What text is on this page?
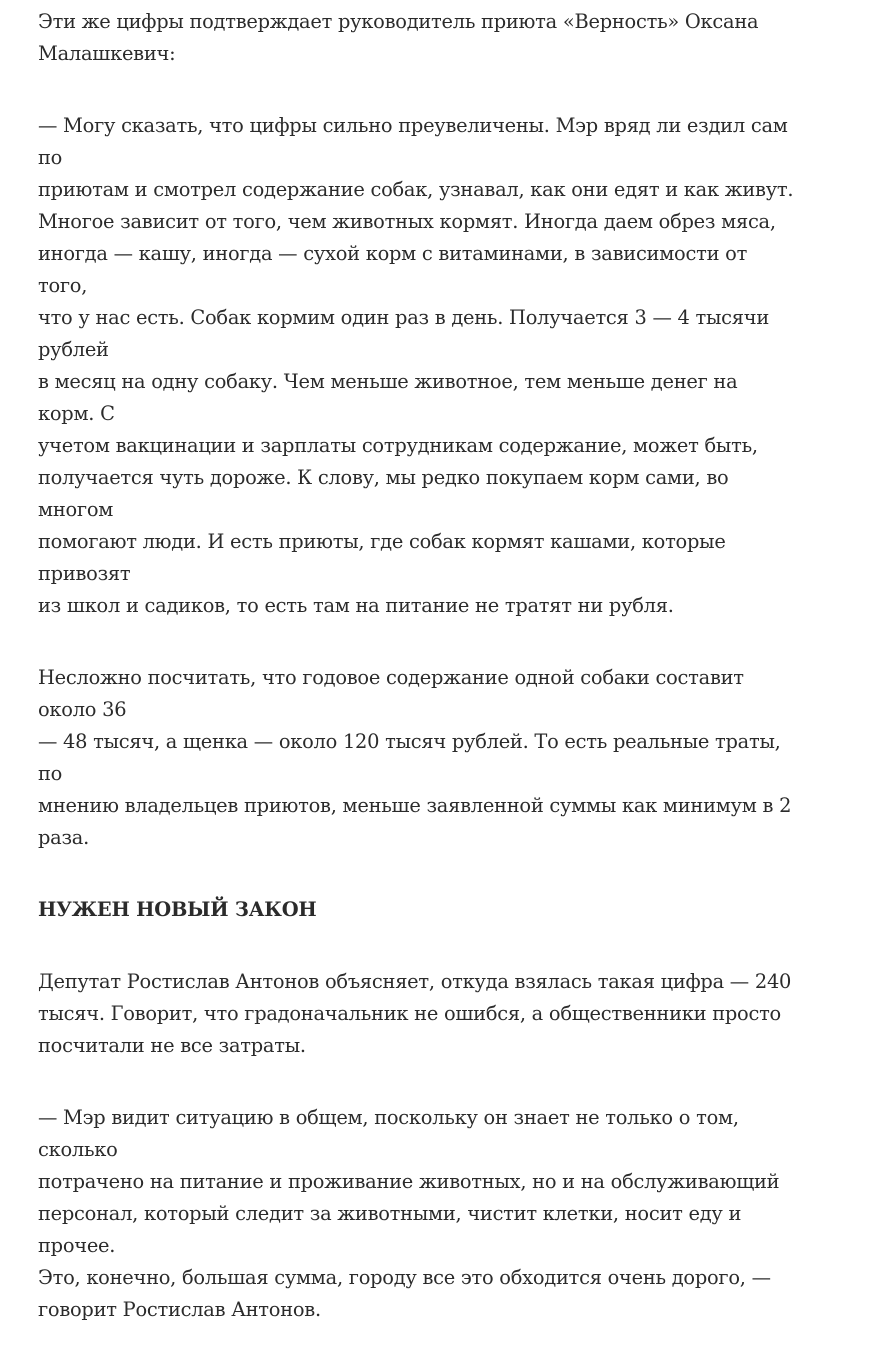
Эти же цифры подтверждает руководитель приюта «Верность» Оксана
Малашкевич:

— Могу сказать, что цифры сильно преувеличены. Мэр вряд ли ездил сам по
приютам и смотрел содержание собак, узнавал, как они едят и как живут.
Многое зависит от того, чем животных кормят. Иногда даем обрез мяса,
иногда — кашу, иногда — сухой корм с витаминами, в зависимости от того,
что у нас есть. Собак кормим один раз в день. Получается 3 — 4 тысячи рублей
в месяц на одну собаку. Чем меньше животное, тем меньше денег на корм. С
учетом вакцинации и зарплаты сотрудникам содержание, может быть,
получается чуть дороже. К слову, мы редко покупаем корм сами, во многом
помогают люди. И есть приюты, где собак кормят кашами, которые привозят
из школ и садиков, то есть там на питание не тратят ни рубля.

Несложно посчитать, что годовое содержание одной собаки составит около 36
— 48 тысяч, а щенка — около 120 тысяч рублей. То есть реальные траты, по
мнению владельцев приютов, меньше заявленной суммы как минимум в 2
раза.

НУЖЕН НОВЫЙ ЗАКОН

Депутат Ростислав Антонов объясняет, откуда взялась такая цифра — 240
тысяч. Говорит, что градоначальник не ошибся, а общественники просто
посчитали не все затраты.

— Мэр видит ситуацию в общем, поскольку он знает не только о том, сколько
потрачено на питание и проживание животных, но и на обслуживающий
персонал, который следит за животными, чистит клетки, носит еду и прочее.
Это, конечно, большая сумма, городу все это обходится очень дорого, —
говорит Ростислав Антонов.
